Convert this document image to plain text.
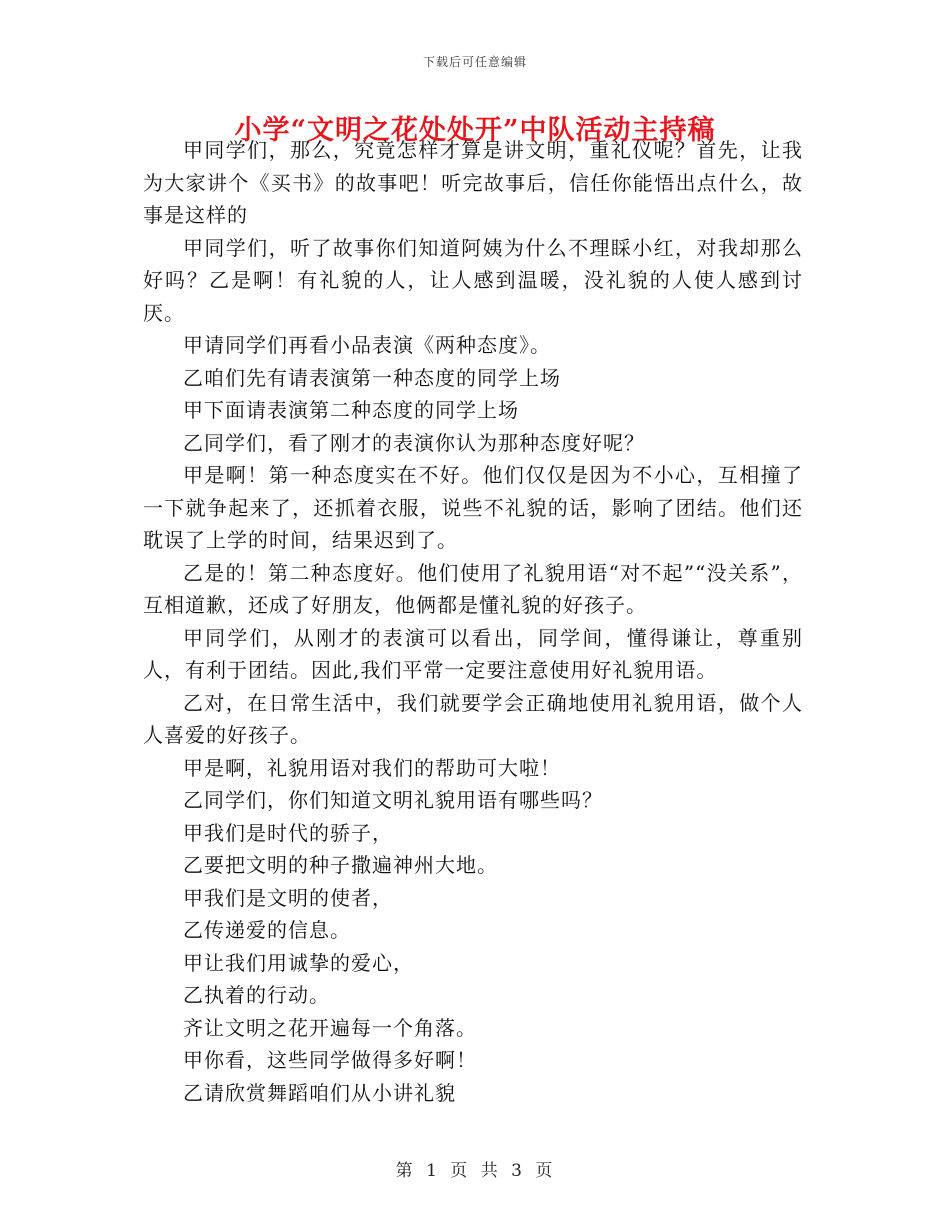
下载后可任意编辑
小学“文明之花处处开”中队活动主持稿

甲同学们，那么，究竟怎样才算是讲文明，重礼仪呢？首先，让我为大家讲个《买书》的故事吧！听完故事后，信任你能悟出点什么，故事是这样的

甲同学们，听了故事你们知道阿姨为什么不理睬小红，对我却那么好吗？乙是啊！有礼貌的人，让人感到温暖，没礼貌的人使人感到讨厌。

甲请同学们再看小品表演《两种态度》。

乙咱们先有请表演第一种态度的同学上场

甲下面请表演第二种态度的同学上场

乙同学们，看了刚才的表演你认为那种态度好呢？

甲是啊！第一种态度实在不好。他们仅仅是因为不小心，互相撞了一下就争起来了，还抓着衣服，说些不礼貌的话，影响了团结。他们还耽误了上学的时间，结果迟到了。

乙是的！第二种态度好。他们使用了礼貌用语“对不起”“没关系”，互相道歉，还成了好朋友，他俩都是懂礼貌的好孩子。

甲同学们，从刚才的表演可以看出，同学间，懂得谦让，尊重别人，有利于团结。因此,我们平常一定要注意使用好礼貌用语。

乙对，在日常生活中，我们就要学会正确地使用礼貌用语，做个人人喜爱的好孩子。

甲是啊，礼貌用语对我们的帮助可大啦！

乙同学们，你们知道文明礼貌用语有哪些吗？

甲我们是时代的骄子，

乙要把文明的种子撒遍神州大地。

甲我们是文明的使者，

乙传递爱的信息。

甲让我们用诚挚的爱心，

乙执着的行动。

齐让文明之花开遍每一个角落。

甲你看，这些同学做得多好啊！

乙请欣赏舞蹈咱们从小讲礼貌

第 1 页 共 3 页
